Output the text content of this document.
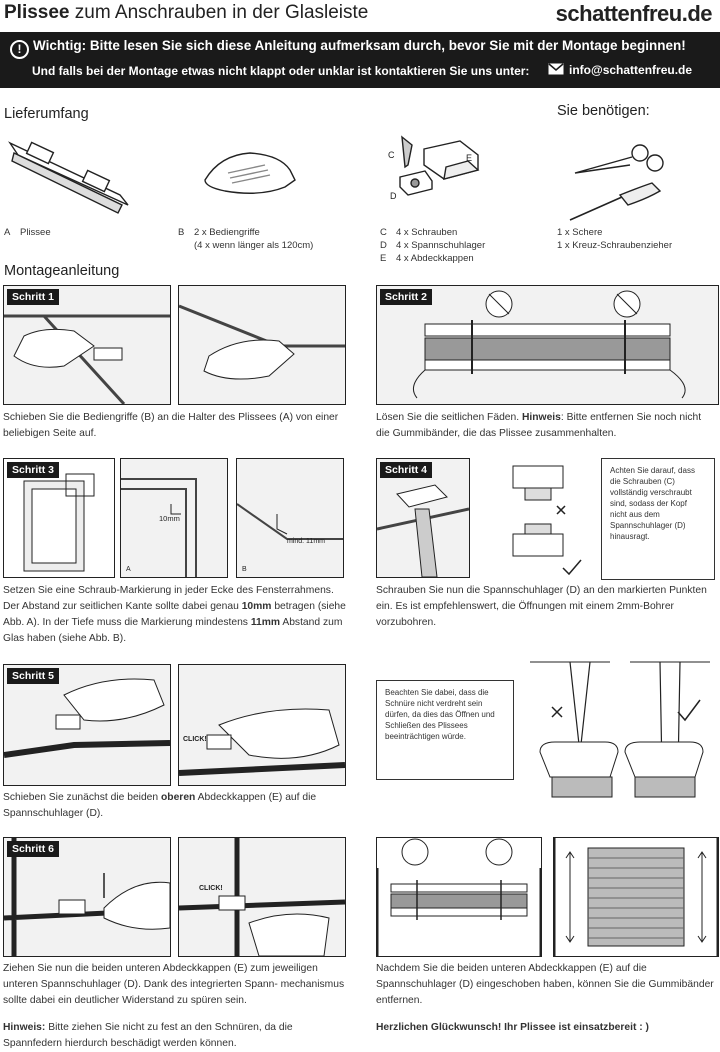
Plissee zum Anschrauben in der Glasleiste	schattenfreu.de
! Wichtig: Bitte lesen Sie sich diese Anleitung aufmerksam durch, bevor Sie mit der Montage beginnen!
Und falls bei der Montage etwas nicht klappt oder unklar ist kontaktieren Sie uns unter:	info@schattenfreu.de
Lieferumfang	Sie benötigen:
C	E
D
A Plissee	B 2 x Bediengriffe
(4 x wenn länger als 120cm)
C 4 x Schrauben
D 4 x Spannschuhlager
E 4 x Abdeckkappen
1 x Schere
1 x Kreuz-Schraubenzieher
Montageanleitung
Schritt 1
Schieben Sie die Bediengriffe (B) an die Halter des Plissees (A) von einer beliebigen Seite auf.
Schritt 2
Lösen Sie die seitlichen Fäden. Hinweis: Bitte entfernen Sie noch nicht die Gummibänder, die das Plissee zusammenhalten.
Schritt 3
10mm
A
mind. 11mm
B
Setzen Sie eine Schraub-Markierung in jeder Ecke des Fensterrahmens. Der Abstand zur seitlichen Kante sollte dabei genau 10mm betragen (siehe Abb. A). In der Tiefe muss die Markierung mindestens 11mm Abstand zum Glas haben (siehe Abb. B).
Schritt 4	Achten Sie darauf, dass die Schrauben (C) vollständig verschraubt sind, sodass der Kopf nicht aus dem Spannschuhlager (D) hinausragt.
Schrauben Sie nun die Spannschuhlager (D) an den markierten Punkten ein. Es ist empfehlenswert, die Öffnungen mit einem 2mm-Bohrer vorzubohren.
Schritt 5
CLICK!
Beachten Sie dabei, dass die Schnüre nicht verdreht sein dürfen, da dies das Öffnen und Schließen des Plissees beeinträchtigen würde.
Schieben Sie zunächst die beiden oberen Abdeckkappen (E) auf die Spannschuhlager (D).
Schritt 6
CLICK!
Ziehen Sie nun die beiden unteren Abdeckkappen (E) zum jeweiligen unteren Spannschuhlager (D). Dank des integrierten Spann- mechanismus sollte dabei ein deutlicher Widerstand zu spüren sein.
Hinweis: Bitte ziehen Sie nicht zu fest an den Schnüren, da die Spannfedern hierdurch beschädigt werden können.
Nachdem Sie die beiden unteren Abdeckkappen (E) auf die Spannschuhlager (D) eingeschoben haben, können Sie die Gummibänder entfernen.
Herzlichen Glückwunsch! Ihr Plissee ist einsatzbereit : )
